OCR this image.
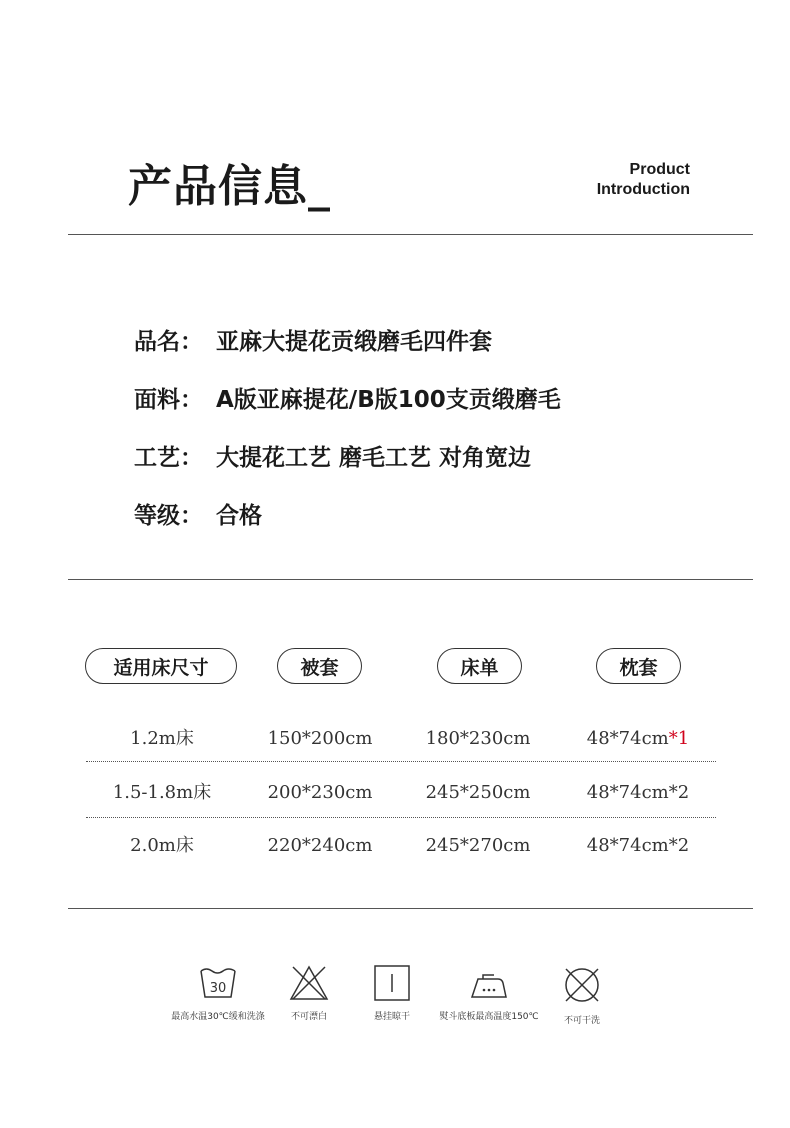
产品信息_	Product
Introduction
品名： 亚麻大提花贡缎磨毛四件套
面料： A版亚麻提花/B版100支贡缎磨毛
工艺： 大提花工艺 磨毛工艺 对角宽边
等级： 合格
适用床尺寸	被套	床单	枕套
1.2m床	150*200cm	180*230cm	48*74cm*1
1.5-1.8m床	200*230cm	245*250cm	48*74cm*2
2.0m床	220*240cm	245*270cm	48*74cm*2
30
最高水温30℃缓和洗涤	不可漂白	悬挂晾干	熨斗底板最高温度150℃	不可干洗
